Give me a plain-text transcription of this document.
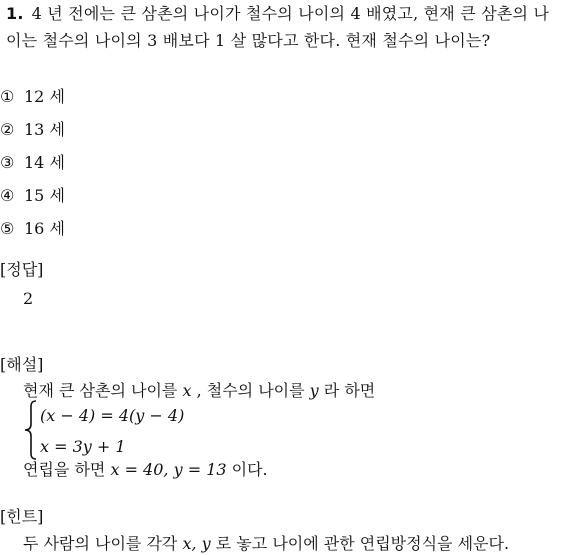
1. 4 년 전에는 큰 삼촌의 나이가 철수의 나이의 4 배였고, 현재 큰 삼촌의 나이는 철수의 나이의 3 배보다 1 살 많다고 한다. 현재 철수의 나이는?
① 12 세
② 13 세
③ 14 세
④ 15 세
⑤ 16 세
[정답]
2
[해설]
현재 큰 삼촌의 나이를 x , 철수의 나이를 y 라 하면
(x − 4) = 4(y − 4)
x = 3y + 1
연립을 하면 x = 40, y = 13 이다.
[힌트]
두 사람의 나이를 각각 x, y 로 놓고 나이에 관한 연립방정식을 세운다.
